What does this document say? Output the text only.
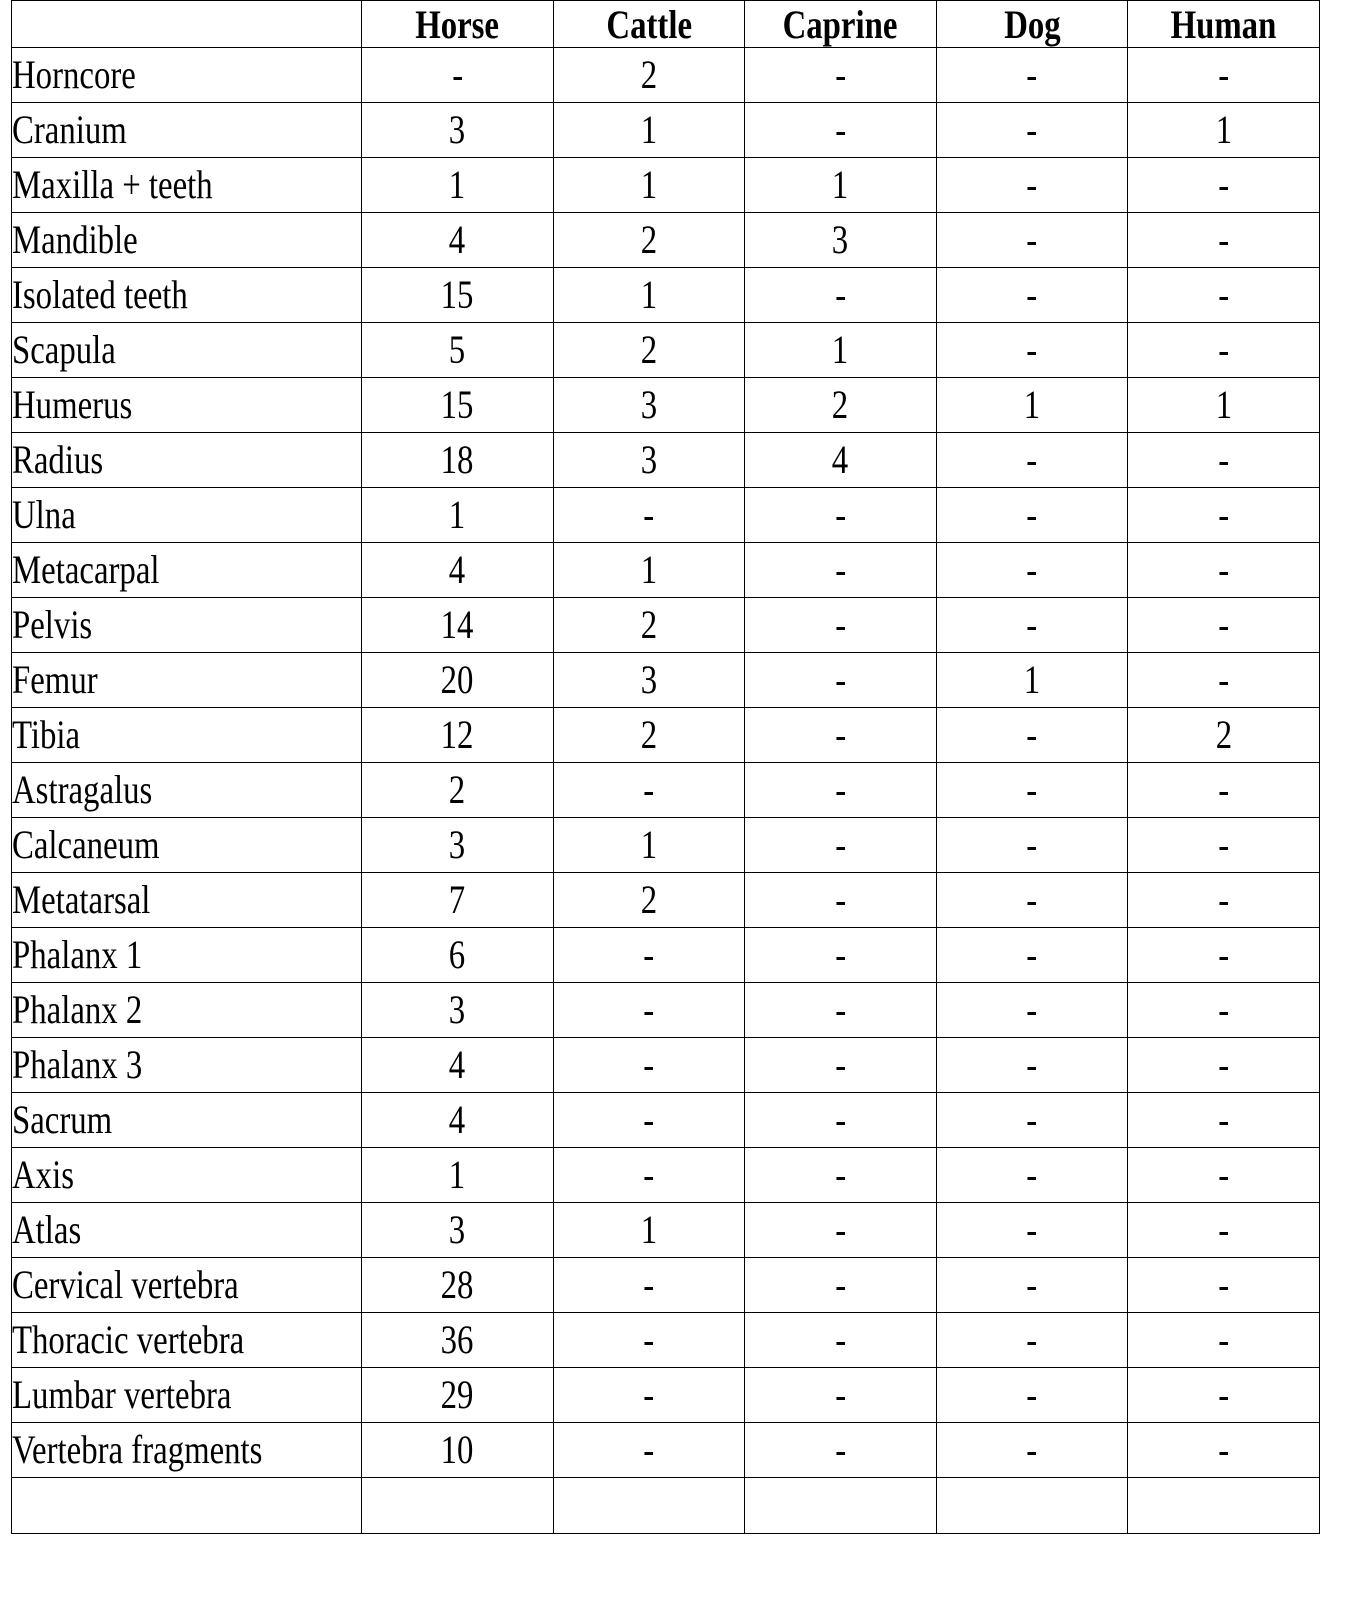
	Horse	Cattle	Caprine	Dog	Human
Horncore	-	2	-	-	-
Cranium	3	1	-	-	1
Maxilla + teeth	1	1	1	-	-
Mandible	4	2	3	-	-
Isolated teeth	15	1	-	-	-
Scapula	5	2	1	-	-
Humerus	15	3	2	1	1
Radius	18	3	4	-	-
Ulna	1	-	-	-	-
Metacarpal	4	1	-	-	-
Pelvis	14	2	-	-	-
Femur	20	3	-	1	-
Tibia	12	2	-	-	2
Astragalus	2	-	-	-	-
Calcaneum	3	1	-	-	-
Metatarsal	7	2	-	-	-
Phalanx 1	6	-	-	-	-
Phalanx 2	3	-	-	-	-
Phalanx 3	4	-	-	-	-
Sacrum	4	-	-	-	-
Axis	1	-	-	-	-
Atlas	3	1	-	-	-
Cervical vertebra	28	-	-	-	-
Thoracic vertebra	36	-	-	-	-
Lumbar vertebra	29	-	-	-	-
Vertebra fragments	10	-	-	-	-
